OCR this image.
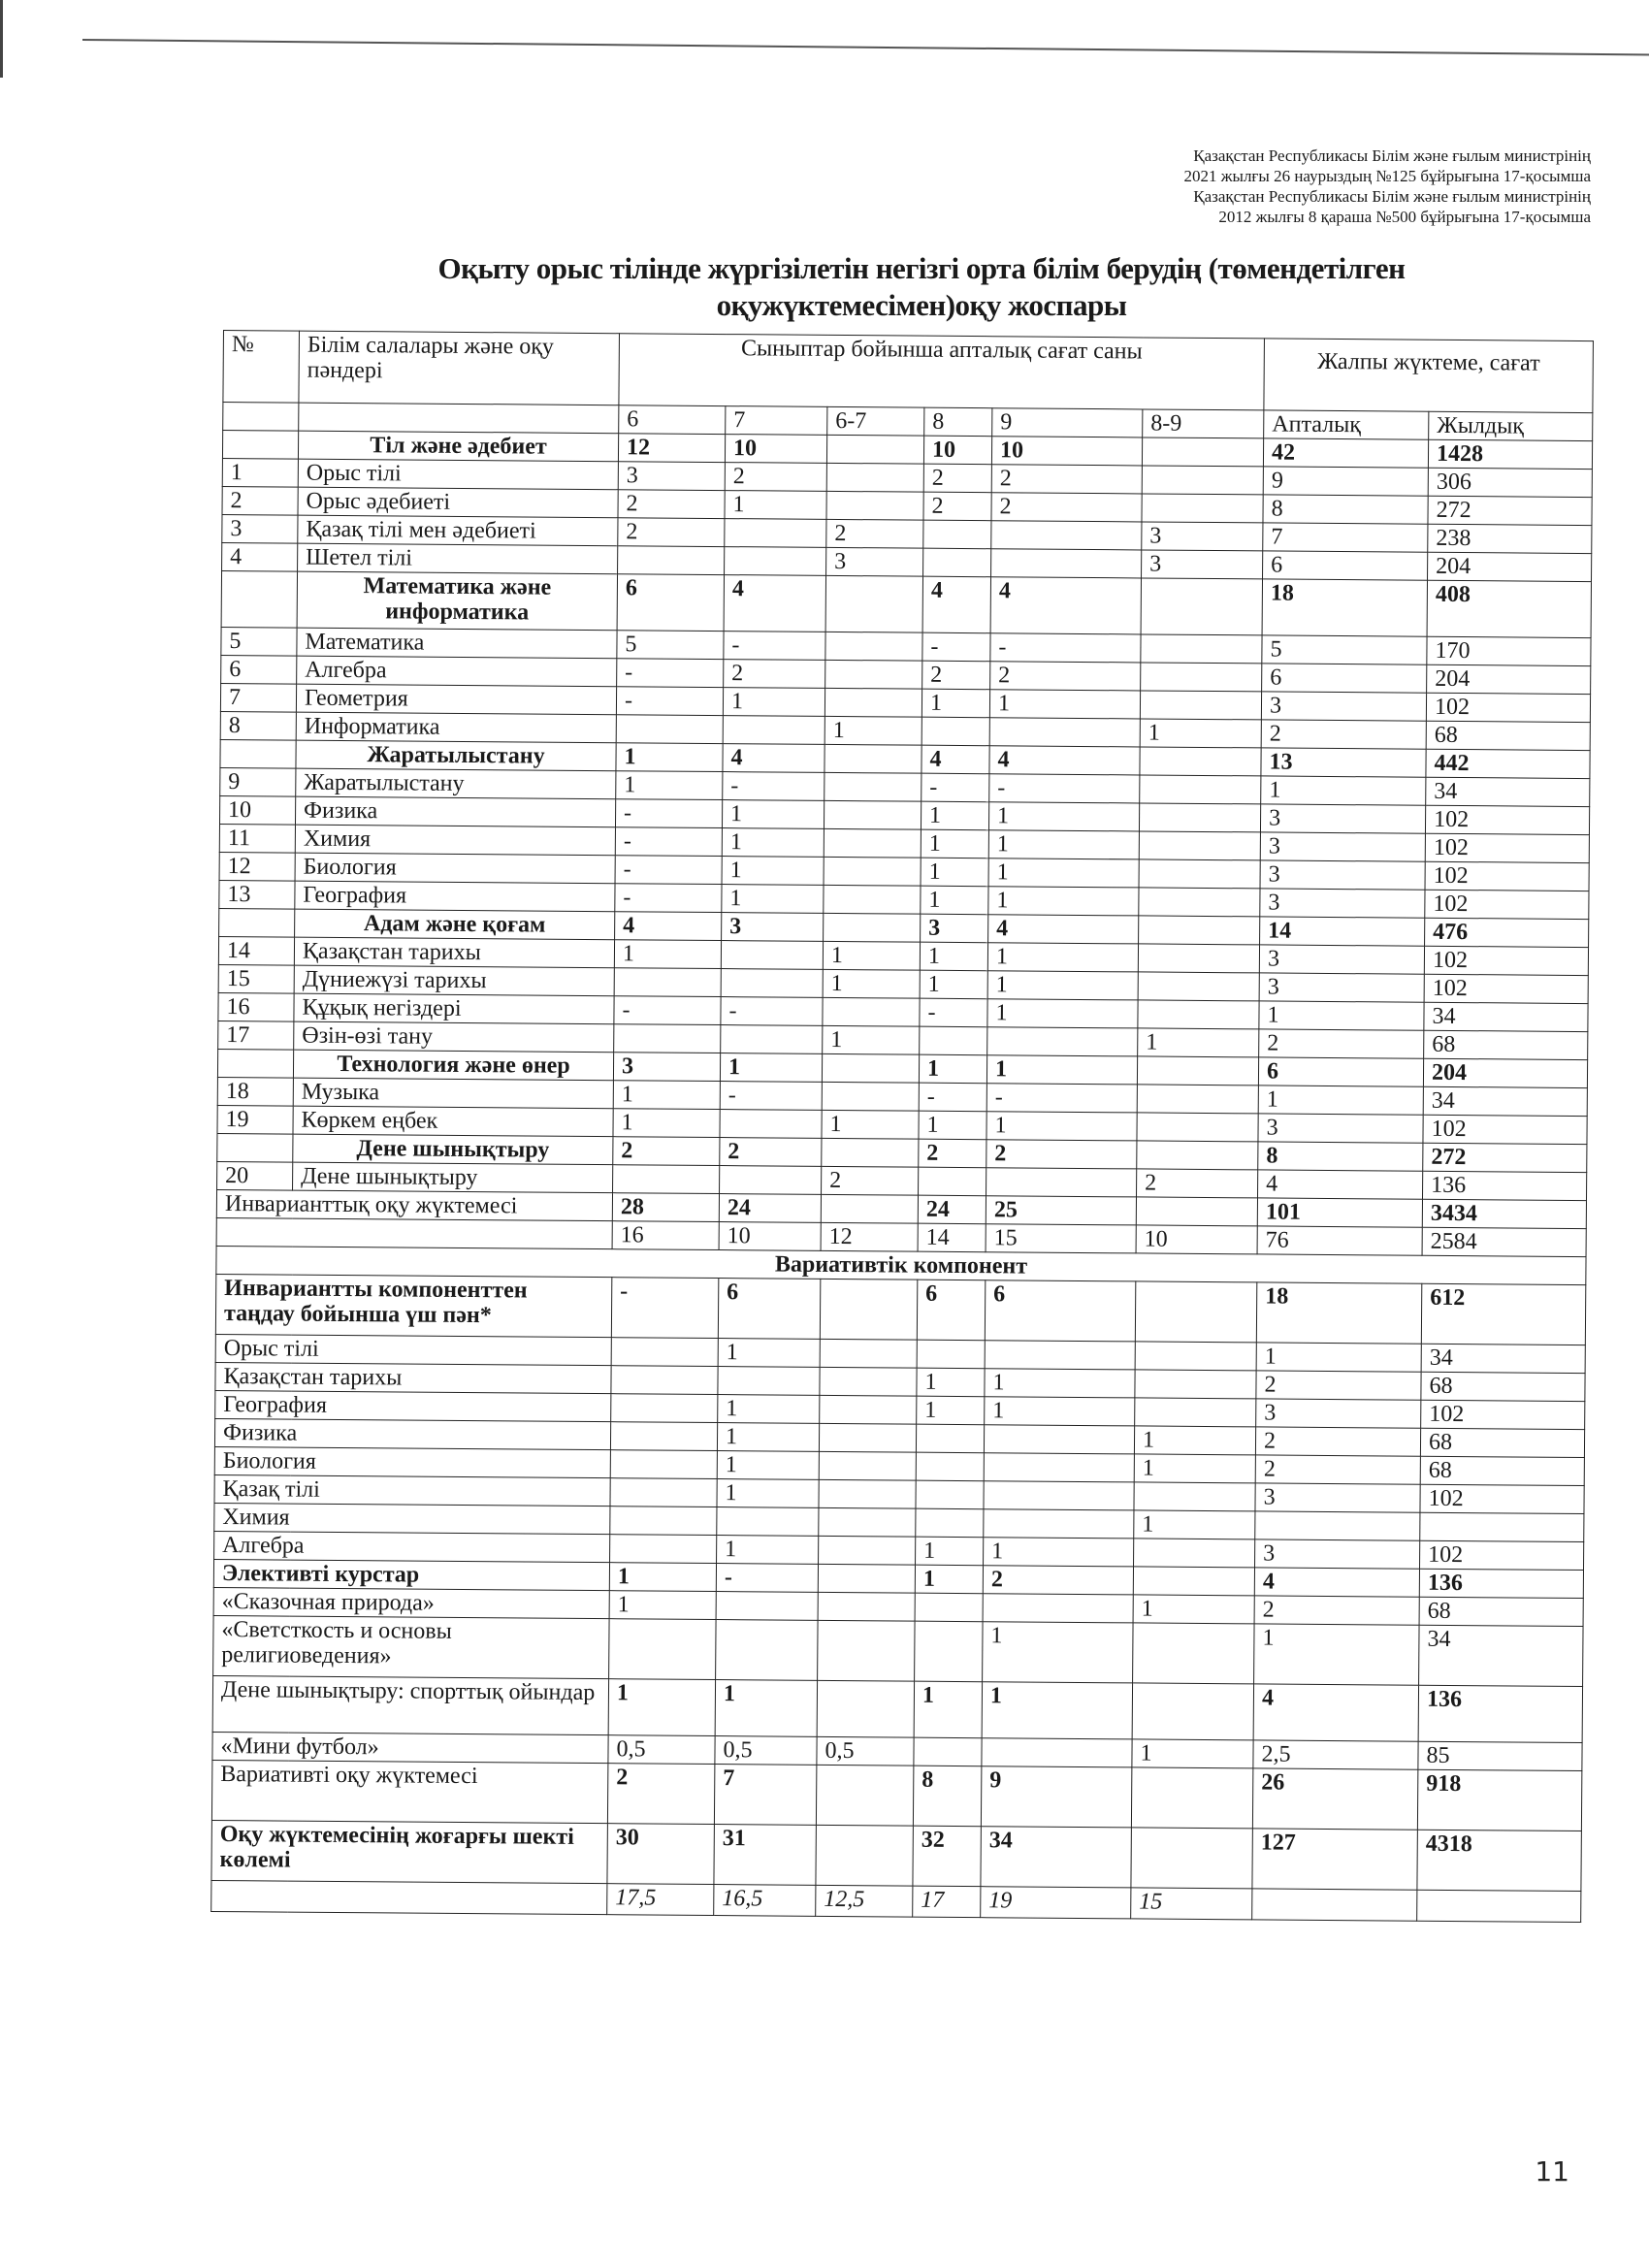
Қазақстан Республикасы Білім және ғылым министрінің
2021 жылғы 26 наурыздың №125 бұйрығына 17-қосымша
Қазақстан Республикасы Білім және ғылым министрінің
2012 жылғы 8 қараша №500 бұйрығына 17-қосымша
Оқыту орыс тілінде жүргізілетін негізгі орта білім берудің (төмендетілген
оқужүктемесімен)оқу жоспары
№	Білім салалары және оқу пәндері	Сыныптар бойынша апталық сағат саны						Жалпы жүктеме, сағат	
		6	7	6-7	8	9	8-9	Апталық	Жылдық
	Тіл және әдебиет	12	10		10	10		42	1428
1	Орыс тілі	3	2		2	2		9	306
2	Орыс әдебиеті	2	1		2	2		8	272
3	Қазақ тілі мен әдебиеті	2		2			3	7	238
4	Шетел тілі			3			3	6	204
	Математика және информатика	6	4		4	4		18	408
5	Математика	5	-		-	-		5	170
6	Алгебра	-	2		2	2		6	204
7	Геометрия	-	1		1	1		3	102
8	Информатика			1			1	2	68
	Жаратылыстану	1	4		4	4		13	442
9	Жаратылыстану	1	-		-	-		1	34
10	Физика	-	1		1	1		3	102
11	Химия	-	1		1	1		3	102
12	Биология	-	1		1	1		3	102
13	География	-	1		1	1		3	102
	Адам және қоғам	4	3		3	4		14	476
14	Қазақстан тарихы	1		1	1	1		3	102
15	Дүниежүзі тарихы			1	1	1		3	102
16	Құқық негіздері	-	-		-	1		1	34
17	Өзін-өзі тану			1			1	2	68
	Технология және өнер	3	1		1	1		6	204
18	Музыка	1	-		-	-		1	34
19	Көркем еңбек	1		1	1	1		3	102
	Дене шынықтыру	2	2		2	2		8	272
20	Дене шынықтыру			2			2	4	136
Инварианттық оқу жүктемесі		28	24		24	25		101	3434
		16	10	12	14	15	10	76	2584
Вариативтік компонент									
Инвариантты компоненттен таңдау бойынша үш пән*		-	6		6	6		18	612
Орыс тілі			1					1	34
Қазақстан тарихы					1	1		2	68
География			1		1	1		3	102
Физика			1				1	2	68
Биология			1				1	2	68
Қазақ тілі			1					3	102
Химия							1		
Алгебра			1		1	1		3	102
Элективті курстар		1	-		1	2		4	136
«Сказочная природа»		1					1	2	68
«Светсткость и основы религиоведения»						1		1	34
Дене шынықтыру: спорттық ойындар		1	1		1	1		4	136
«Мини футбол»		0,5	0,5	0,5			1	2,5	85
Вариативті оқу жүктемесі		2	7		8	9		26	918
Оқу жүктемесінің жоғарғы шекті көлемі		30	31		32	34		127	4318
		17,5	16,5	12,5	17	19	15		
11
